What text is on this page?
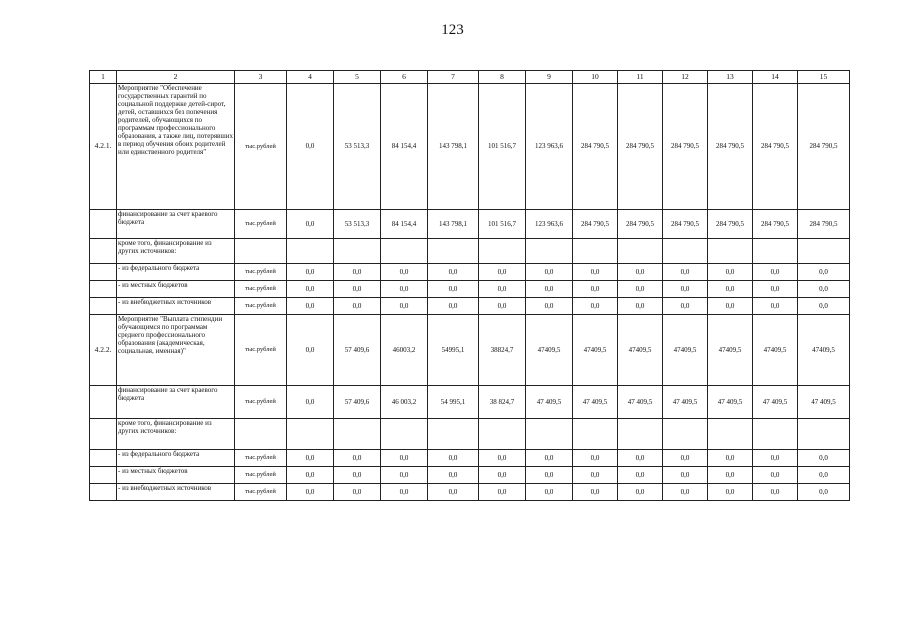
123
1	2	3	4	5	6	7	8	9	10	11	12	13	14	15
4.2.1.	Мероприятие "Обеспечение государственных гарантий по социальной поддержке детей-сирот, детей, оставшихся без попечения родителей, обучающихся по программам профессионального образования, а также лиц, потерявших в период обучения обоих родителей или единственного родителя"	тыс.рублей	0,0	53 513,3	84 154,4	143 798,1	101 516,7	123 963,6	284 790,5	284 790,5	284 790,5	284 790,5	284 790,5	284 790,5
	финансирование за счет краевого бюджета	тыс.рублей	0,0	53 513,3	84 154,4	143 798,1	101 516,7	123 963,6	284 790,5	284 790,5	284 790,5	284 790,5	284 790,5	284 790,5
	кроме того, финансирование из других источников:													
	- из федерального бюджета	тыс.рублей	0,0	0,0	0,0	0,0	0,0	0,0	0,0	0,0	0,0	0,0	0,0	0,0
	- из местных бюджетов	тыс.рублей	0,0	0,0	0,0	0,0	0,0	0,0	0,0	0,0	0,0	0,0	0,0	0,0
	- из внебюджетных источников	тыс.рублей	0,0	0,0	0,0	0,0	0,0	0,0	0,0	0,0	0,0	0,0	0,0	0,0
4.2.2.	Мероприятие "Выплата стипендии обучающимся по программам среднего профессионального образования (академическая, социальная, именная)"	тыс.рублей	0,0	57 409,6	46003,2	54995,1	38824,7	47409,5	47409,5	47409,5	47409,5	47409,5	47409,5	47409,5
	финансирование за счет краевого бюджета	тыс.рублей	0,0	57 409,6	46 003,2	54 995,1	38 824,7	47 409,5	47 409,5	47 409,5	47 409,5	47 409,5	47 409,5	47 409,5
	кроме того, финансирование из других источников:													
	- из федерального бюджета	тыс.рублей	0,0	0,0	0,0	0,0	0,0	0,0	0,0	0,0	0,0	0,0	0,0	0,0
	- из местных бюджетов	тыс.рублей	0,0	0,0	0,0	0,0	0,0	0,0	0,0	0,0	0,0	0,0	0,0	0,0
	- из внебюджетных источников	тыс.рублей	0,0	0,0	0,0	0,0	0,0	0,0	0,0	0,0	0,0	0,0	0,0	0,0
